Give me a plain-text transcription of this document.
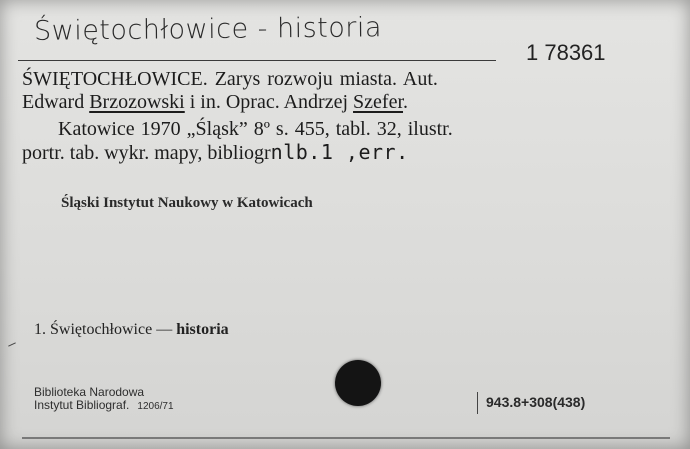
Świętochłowice - historia
1 78361
ŚWIĘTOCHŁOWICE. Zarys rozwoju miasta. Aut.
Edward Brzozowski i in. Oprac. Andrzej Szefer.
Katowice 1970 „Śląsk” 8º s. 455, tabl. 32, ilustr.
portr. tab. wykr. mapy, bibliogrnlb.1 ,err.
Śląski Instytut Naukowy w Katowicach
1. Świętochłowice — historia
Biblioteka Narodowa
Instytut Bibliograf. 1206/71	943.8+308(438)
